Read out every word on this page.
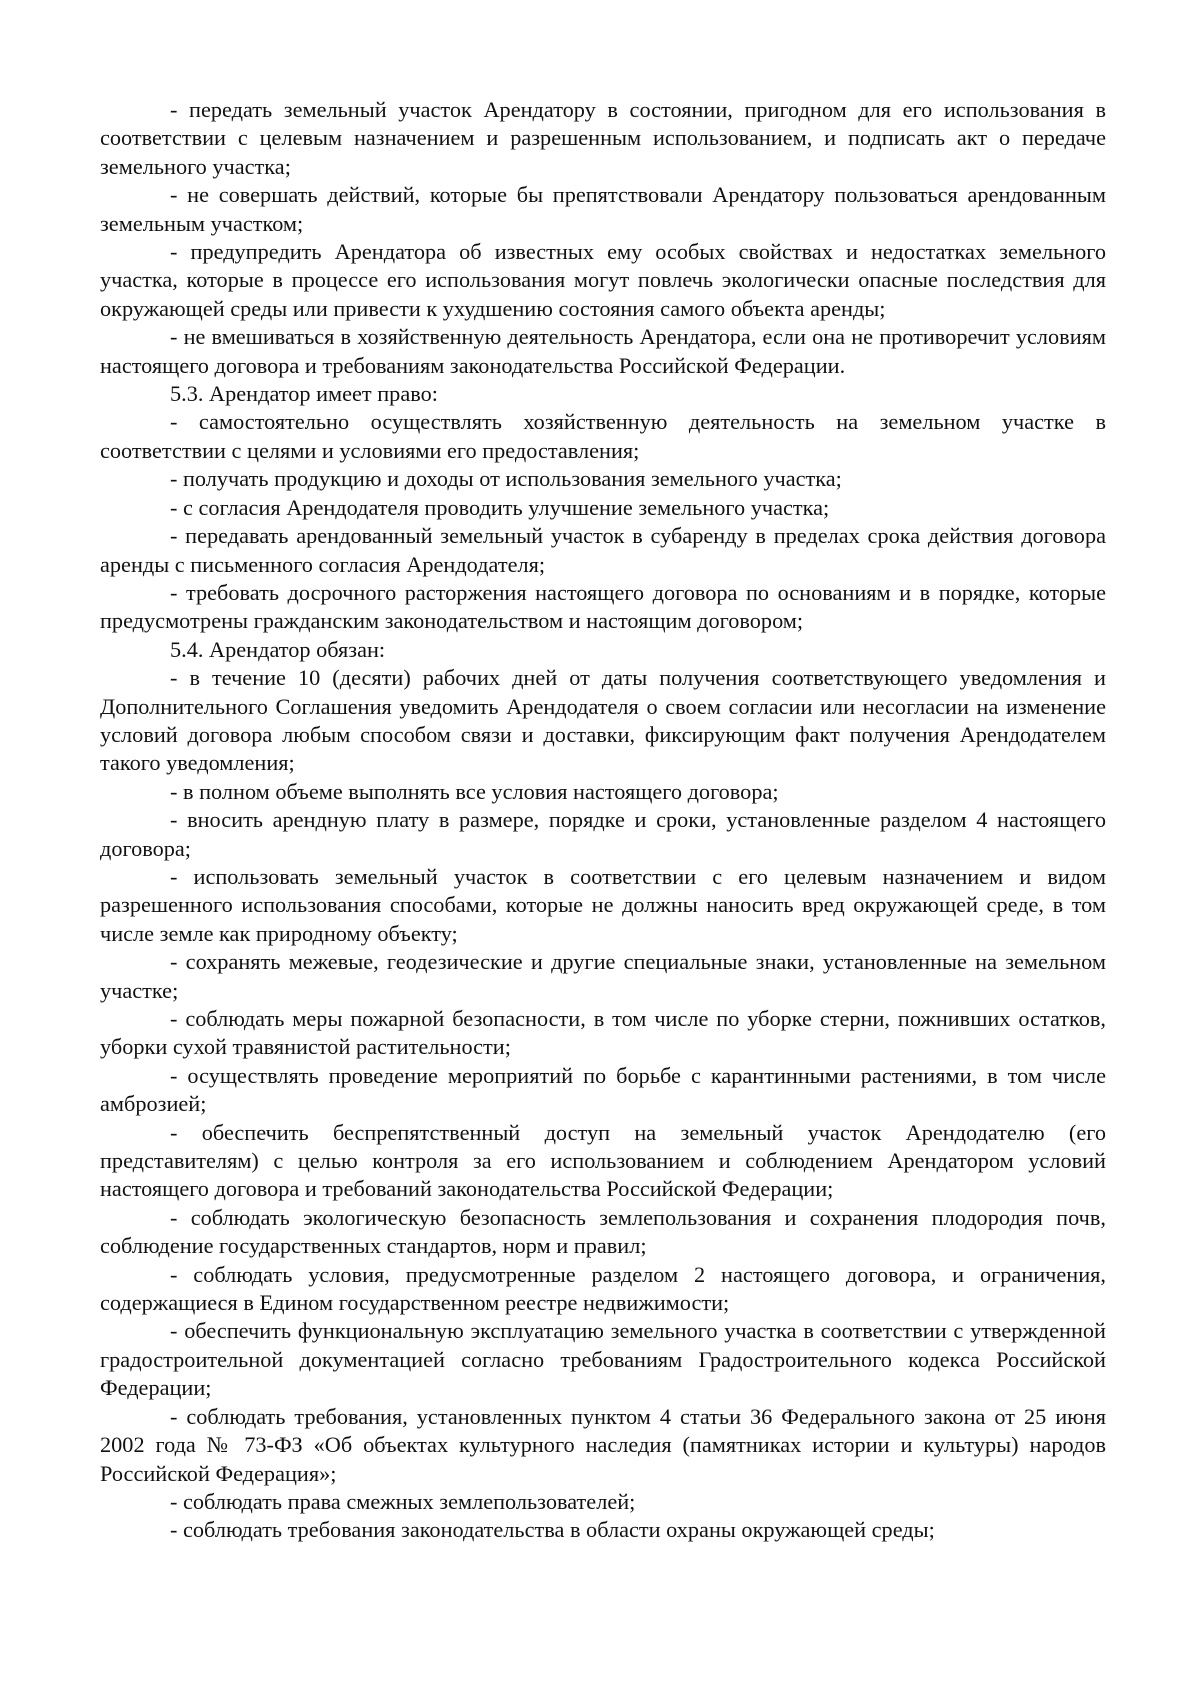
- передать земельный участок Арендатору в состоянии, пригодном для его использования в соответствии с целевым назначением и разрешенным использованием, и подписать акт о передаче земельного участка;

- не совершать действий, которые бы препятствовали Арендатору пользоваться арендованным земельным участком;

- предупредить Арендатора об известных ему особых свойствах и недостатках земельного участка, которые в процессе его использования могут повлечь экологически опасные последствия для окружающей среды или привести к ухудшению состояния самого объекта аренды;

- не вмешиваться в хозяйственную деятельность Арендатора, если она не противоречит условиям настоящего договора и требованиям законодательства Российской Федерации.

5.3. Арендатор имеет право:

- самостоятельно осуществлять хозяйственную деятельность на земельном участке в соответствии с целями и условиями его предоставления;

- получать продукцию и доходы от использования земельного участка;

- с согласия Арендодателя проводить улучшение земельного участка;

- передавать арендованный земельный участок в субаренду в пределах срока действия договора аренды с письменного согласия Арендодателя;

- требовать досрочного расторжения настоящего договора по основаниям и в порядке, которые предусмотрены гражданским законодательством и настоящим договором;

5.4. Арендатор обязан:

- в течение 10 (десяти) рабочих дней от даты получения соответствующего уведомления и Дополнительного Соглашения уведомить Арендодателя о своем согласии или несогласии на изменение условий договора любым способом связи и доставки, фиксирующим факт получения Арендодателем такого уведомления;

- в полном объеме выполнять все условия настоящего договора;

- вносить арендную плату в размере, порядке и сроки, установленные разделом 4 настоящего договора;

- использовать земельный участок в соответствии с его целевым назначением и видом разрешенного использования способами, которые не должны наносить вред окружающей среде, в том числе земле как природному объекту;

- сохранять межевые, геодезические и другие специальные знаки, установленные на земельном участке;

- соблюдать меры пожарной безопасности, в том числе по уборке стерни, пожнивших остатков, уборки сухой травянистой растительности;

- осуществлять проведение мероприятий по борьбе с карантинными растениями, в том числе амброзией;

- обеспечить беспрепятственный доступ на земельный участок Арендодателю (его представителям) с целью контроля за его использованием и соблюдением Арендатором условий настоящего договора и требований законодательства Российской Федерации;

- соблюдать экологическую безопасность землепользования и сохранения плодородия почв, соблюдение государственных стандартов, норм и правил;

- соблюдать условия, предусмотренные разделом 2 настоящего договора, и ограничения, содержащиеся в Едином государственном реестре недвижимости;

- обеспечить функциональную эксплуатацию земельного участка в соответствии с утвержденной градостроительной документацией согласно требованиям Градостроительного кодекса Российской Федерации;

- соблюдать требования, установленных пунктом 4 статьи 36 Федерального закона от 25 июня 2002 года № 73-ФЗ «Об объектах культурного наследия (памятниках истории и культуры) народов Российской Федерация»;

- соблюдать права смежных землепользователей;

- соблюдать требования законодательства в области охраны окружающей среды;
